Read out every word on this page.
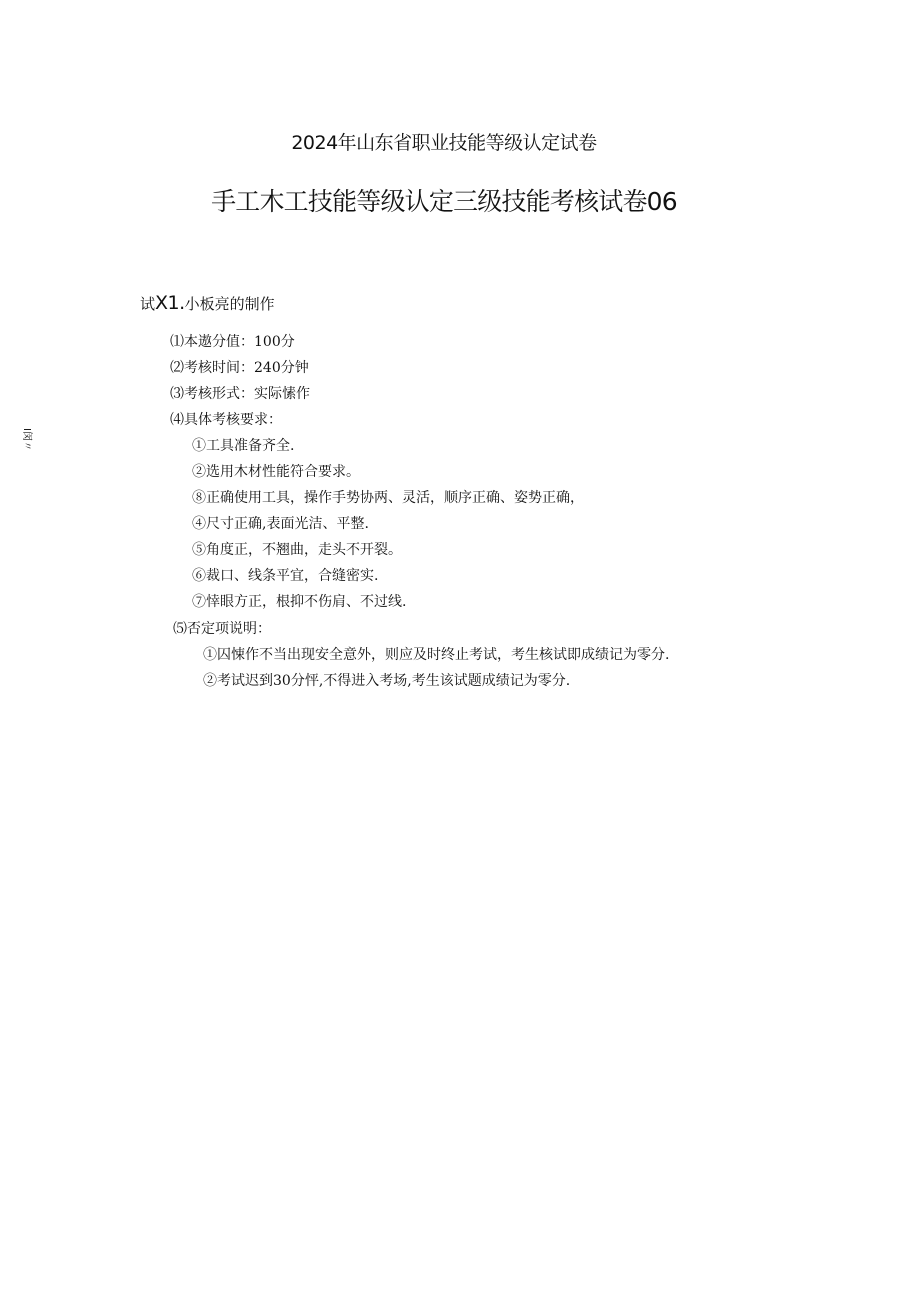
2024年山东省职业技能等级认定试卷
手工木工技能等级认定三级技能考核试卷06
I闵〃
试X1.小板亮的制作
⑴本遨分值：100分
⑵考核时间：240分钟
⑶考核形式：实际愫作
⑷具体考核要求：
①工具准备齐全.
②选用木材性能符合要求。
⑧正确使用工具，操作手势协两、灵活，顺序正确、姿势正确，
④尺寸正确,表面光洁、平整.
⑤角度正，不翘曲，走头不开裂。
⑥裁口、线条平宜，合缝密实.
⑦悻眼方正，根抑不伤肩、不过线.
⑸否定项说明：
①囚悚作不当出现安全意外，则应及时终止考试，考生核试即成绩记为零分.
②考试迟到30分怦,不得进入考场,考生该试题成绩记为零分.
